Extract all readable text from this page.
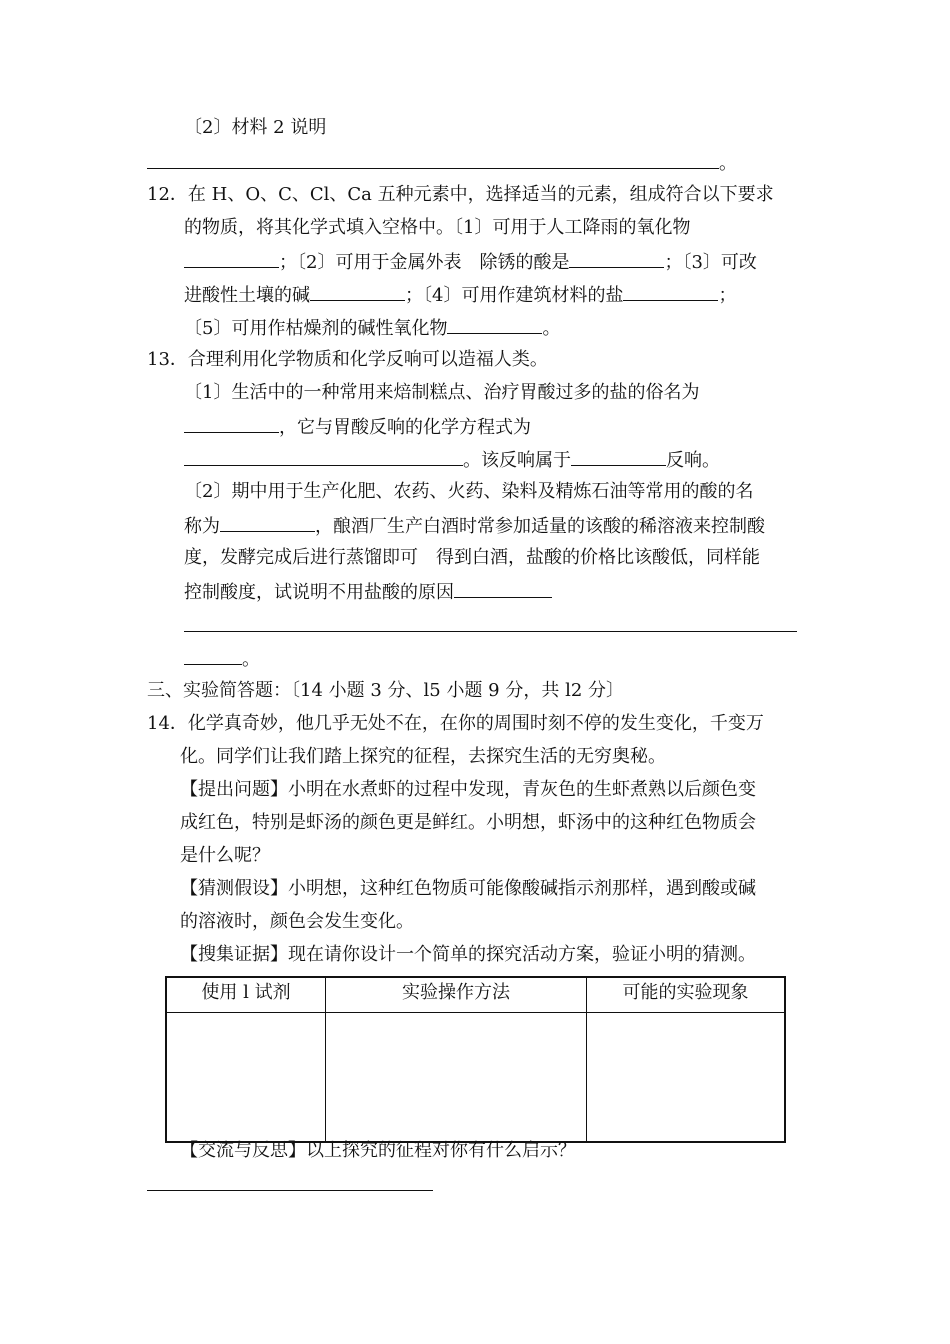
〔2〕材料 2 说明
。
12．在 H、O、C、Cl、Ca 五种元素中，选择适当的元素，组成符合以下要求
的物质，将其化学式填入空格中。〔1〕可用于人工降雨的氧化物
；〔2〕可用于金属外表　除锈的酸是	；〔3〕可改
进酸性土壤的碱	；〔4〕可用作建筑材料的盐	；
〔5〕可用作枯燥剂的碱性氧化物	。
13．合理利用化学物质和化学反响可以造福人类。
〔1〕生活中的一种常用来焙制糕点、治疗胃酸过多的盐的俗名为
，它与胃酸反响的化学方程式为
。该反响属于	反响。
〔2〕期中用于生产化肥、农药、火药、染料及精炼石油等常用的酸的名
称为	，酿酒厂生产白酒时常参加适量的该酸的稀溶液来控制酸
度，发酵完成后进行蒸馏即可　得到白酒，盐酸的价格比该酸低，同样能
控制酸度，试说明不用盐酸的原因
。
三、实验简答题：〔14 小题 3 分、l5 小题 9 分，共 l2 分〕
14．化学真奇妙，他几乎无处不在，在你的周围时刻不停的发生变化，千变万
化。同学们让我们踏上探究的征程，去探究生活的无穷奥秘。
【提出问题】小明在水煮虾的过程中发现，青灰色的生虾煮熟以后颜色变
成红色，特别是虾汤的颜色更是鲜红。小明想，虾汤中的这种红色物质会
是什么呢？
【猜测假设】小明想，这种红色物质可能像酸碱指示剂那样，遇到酸或碱
的溶液时，颜色会发生变化。
【搜集证据】现在请你设计一个简单的探究活动方案，验证小明的猜测。
使用 l 试剂	实验操作方法	可能的实验现象

【交流与反思】以上探究的征程对你有什么启示？
